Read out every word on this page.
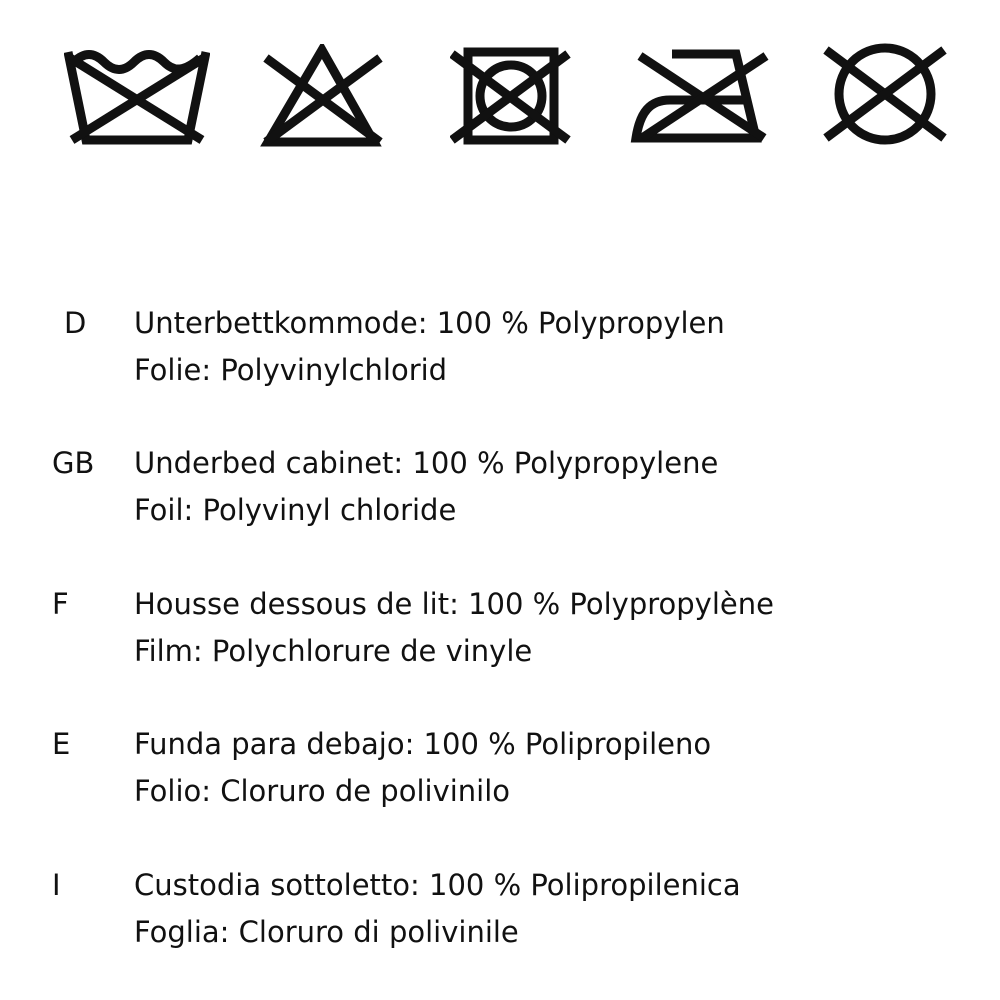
D	Unterbettkommode: 100 % Polypropylen
Folie: Polyvinylchlorid
GB	Underbed cabinet: 100 % Polypropylene
Foil: Polyvinyl chloride
F	Housse dessous de lit: 100 % Polypropylène
Film: Polychlorure de vinyle
E	Funda para debajo: 100 % Polipropileno
Folio: Cloruro de polivinilo
I	Custodia sottoletto: 100 % Polipropilenica
Foglia: Cloruro di polivinile
